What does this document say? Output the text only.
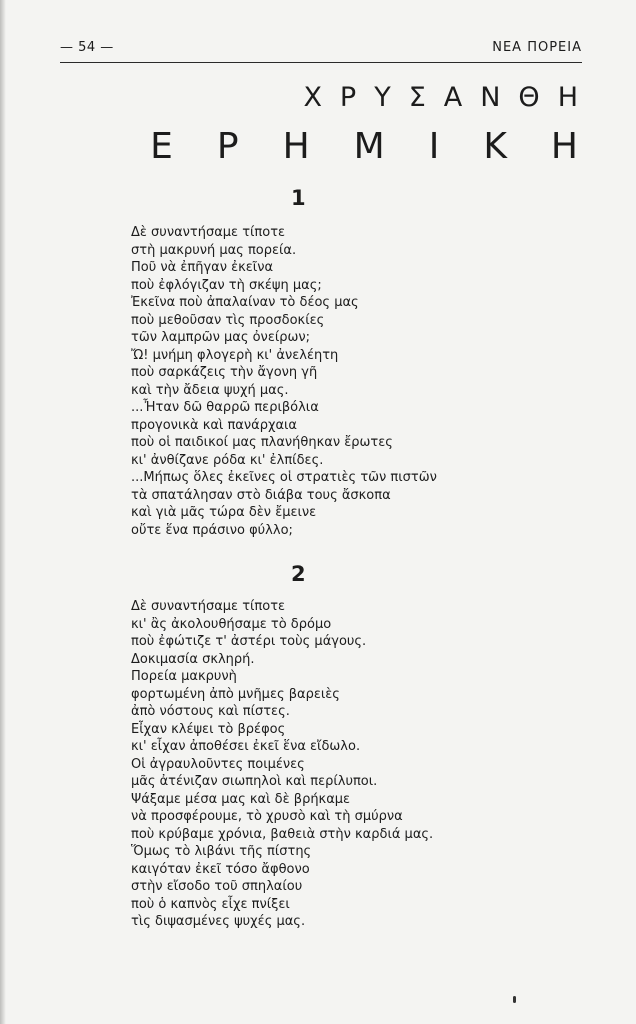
— 54 —	ΝΕΑ ΠΟΡΕΙΑ
ΧΡΥΣΑΝΘΗ
ΕΡΗΜΙΚΗ
1
Δὲ συναντήσαμε τίποτε
στὴ μακρυνή μας πορεία.
Ποῦ νὰ ἐπῆγαν ἐκεῖνα
ποὺ ἐφλόγιζαν τὴ σκέψη μας;
Ἐκεῖνα ποὺ ἀπαλαίναν τὸ δέος μας
ποὺ μεθοῦσαν τὶς προσδοκίες
τῶν λαμπρῶν μας ὀνείρων;
Ὤ! μνήμη φλογερὴ κι' ἀνελέητη
ποὺ σαρκάζεις τὴν ἄγονη γῆ
καὶ τὴν ἄδεια ψυχή μας.
...Ἦταν δῶ θαρρῶ περιβόλια
προγονικὰ καὶ πανάρχαια
ποὺ οἱ παιδικοί μας πλανήθηκαν ἔρωτες
κι' ἀνθίζανε ρόδα κι' ἐλπίδες.
...Μήπως ὅλες ἐκεῖνες οἱ στρατιὲς τῶν πιστῶν
τὰ σπατάλησαν στὸ διάβα τους ἄσκοπα
καὶ γιὰ μᾶς τώρα δὲν ἔμεινε
οὔτε ἕνα πράσινο φύλλο;
2
Δὲ συναντήσαμε τίποτε
κι' ἂς ἀκολουθήσαμε τὸ δρόμο
ποὺ ἐφώτιζε τ' ἀστέρι τοὺς μάγους.
Δοκιμασία σκληρή.
Πορεία μακρυνὴ
φορτωμένη ἀπὸ μνῆμες βαρειὲς
ἀπὸ νόστους καὶ πίστες.
Εἶχαν κλέψει τὸ βρέφος
κι' εἶχαν ἀποθέσει ἐκεῖ ἕνα εἴδωλο.
Οἱ ἀγραυλοῦντες ποιμένες
μᾶς ἀτένιζαν σιωπηλοὶ καὶ περίλυποι.
Ψάξαμε μέσα μας καὶ δὲ βρήκαμε
νὰ προσφέρουμε, τὸ χρυσὸ καὶ τὴ σμύρνα
ποὺ κρύβαμε χρόνια, βαθειὰ στὴν καρδιά μας.
Ὅμως τὸ λιβάνι τῆς πίστης
καιγόταν ἐκεῖ τόσο ἄφθονο
στὴν εἴσοδο τοῦ σπηλαίου
ποὺ ὁ καπνὸς εἶχε πνίξει
τὶς διψασμένες ψυχές μας.
